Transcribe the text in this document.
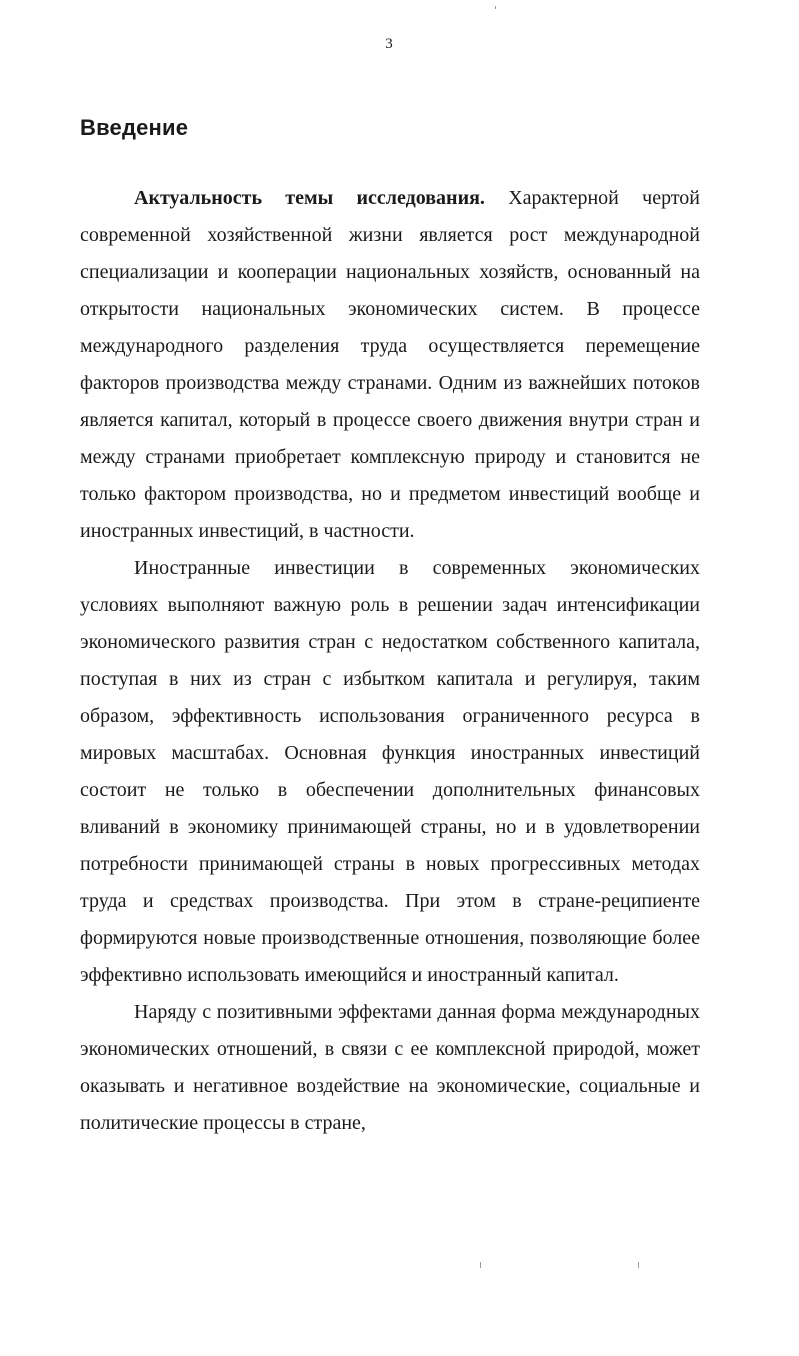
3
Введение

Актуальность темы исследования. Характерной чертой современной хозяйственной жизни является рост международной специализации и кооперации национальных хозяйств, основанный на открытости национальных экономических систем. В процессе международного разделения труда осуществляется перемещение факторов производства между странами. Одним из важнейших потоков является капитал, который в процессе своего движения внутри стран и между странами приобретает комплексную природу и становится не только фактором производства, но и предметом инвестиций вообще и иностранных инвестиций, в частности.

Иностранные инвестиции в современных экономических условиях выполняют важную роль в решении задач интенсификации экономического развития стран с недостатком собственного капитала, поступая в них из стран с избытком капитала и регулируя, таким образом, эффективность использования ограниченного ресурса в мировых масштабах. Основная функция иностранных инвестиций состоит не только в обеспечении дополнительных финансовых вливаний в экономику принимающей страны, но и в удовлетворении потребности принимающей страны в новых прогрессивных методах труда и средствах производства. При этом в стране-реципиенте формируются новые производственные отношения, позволяющие более эффективно использовать имеющийся и иностранный капитал.

Наряду с позитивными эффектами данная форма международных экономических отношений, в связи с ее комплексной природой, может оказывать и негативное воздействие на экономические, социальные и политические процессы в стране,
